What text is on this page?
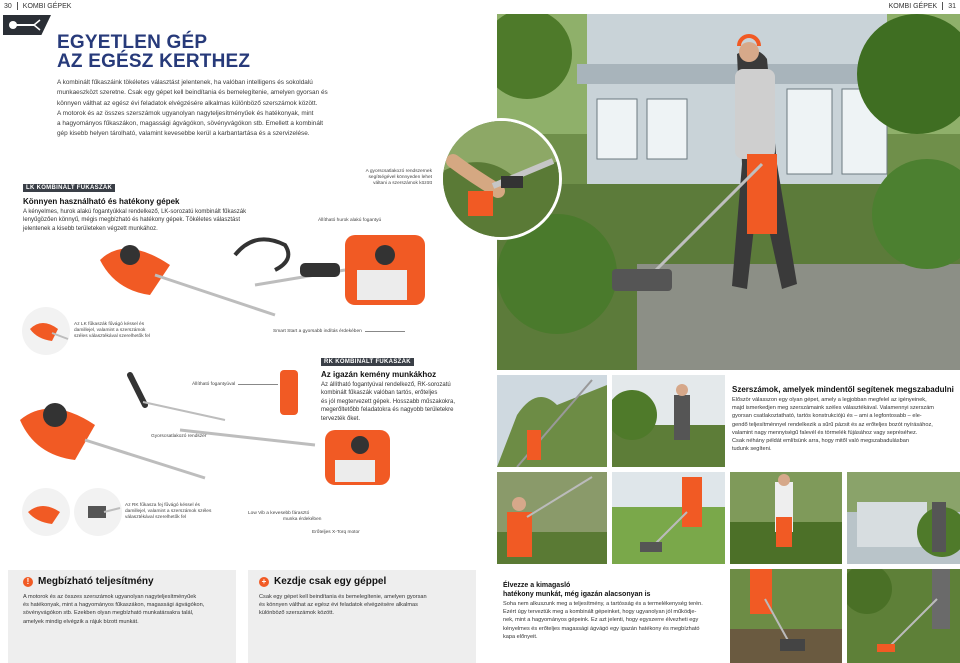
30 KOMBI GÉPEK	KOMBI GÉPEK 31
EGYETLEN GÉP
AZ EGÉSZ KERTHEZ
A kombinált fűkaszáink tökéletes választást jelentenek, ha valóban intelligens és sokoldalú
munkaeszközt szeretne. Csak egy gépet kell beindítania és bemelegítenie, amelyen gyorsan és
könnyen válthat az egész évi feladatok elvégzésére alkalmas különböző szerszámok között.
A motorok és az összes szerszámok ugyanolyan nagyteljesítményűek és hatékonyak, mint
a hagyományos fűkaszákon, magassági ágvágókon, sövényvágókon stb. Emellett a kombinált
gép kisebb helyen tárolható, valamint kevesebbe kerül a karbantartása és a szervizelése.
LK KOMBINÁLT FŰKASZÁK
Könnyen használható és hatékony gépek
A kényelmes, hurok alakú fogantyúkkal rendelkező, LK-sorozatú kombinált fűkaszák
lenyűgözően könnyű, mégis megbízható és hatékony gépek. Tökéletes választást
jelentenek a kisebb területeken végzett munkához.
Állítható hurok alakú fogantyú
A gyorscsatlakozó rendszernek
segítségével könnyeden lehet
váltani a szerszámok között
Az LK fűkaszák fűvágó késsel és
damillejel, valamint a szerszámok
széles választékával szerelhetők fel
Smart Start a gyorsabb indítás érdekében
RK KOMBINÁLT FŰKASZÁK
Az igazán kemény munkákhoz
Az állítható fogantyúval rendelkező, RK-sorozatú
kombinált fűkaszák valóban tartós, erőteljes
és jól megtervezett gépek. Hosszabb műszakokra,
megerőltetőbb feladatokra és nagyobb területekre
tervezték őket.
Állítható fogantyúval
Gyorscsatlakozó rendszer
Az RK fűkasza fej fűvágó késsel és
damillejel, valamint a szerszámok széles
választékával szerelhetők fel
Low Vib a kevesebb fárasztó
munka érdekében
Erőteljes X-Torq motor
Szerszámok, amelyek mindentől segítenek megszabadulni
Először válasszon egy olyan gépet, amely a legjobban megfelel az igényeinek,
majd ismerkedjen meg szerszámaink széles választékával. Valamennyi szerszám
gyorsan csatlakoztatható, tartós konstrukciójú és – ami a legfontosabb – ele-
gendő teljesítménnyel rendelkezik a sűrű pázsit és az erőteljes bozót nyírásához,
valamint nagy mennyiségű falevél és törmelék fújásához vagy sepréséhez.
Csak néhány példát említsünk arra, hogy mitől való megszabadulásban
tudunk segíteni.
! Megbízható teljesítmény
A motorok és az összes szerszámok ugyanolyan nagyteljesítményűek
és hatékonyak, mint a hagyományos fűkaszákon, magassági ágvágókon,
sövényvágókon stb. Ezekben olyan megbízható munkatársakra talál,
amelyek mindig elvégzik a rájuk bízott munkát.
+ Kezdje csak egy géppel
Csak egy gépet kell beindítania és bemelegítenie, amelyen gyorsan
és könnyen válthat az egész évi feladatok elvégzésére alkalmas
különböző szerszámok között.
Élvezze a kimagasló
hatékony munkát, még igazán alacsonyan is
Soha nem alkuszunk meg a teljesítmény, a tartósság és a termelékenység terén.
Ezért úgy terveztük meg a kombinált gépeinket, hogy ugyanolyan jól működje-
nek, mint a hagyományos gépeink. Ez azt jelenti, hogy egyszerre élvezheti egy
kényelmes és erőteljes magassági ágvágó egy igazán hatékony és megbízható
kapa előnyeit.
